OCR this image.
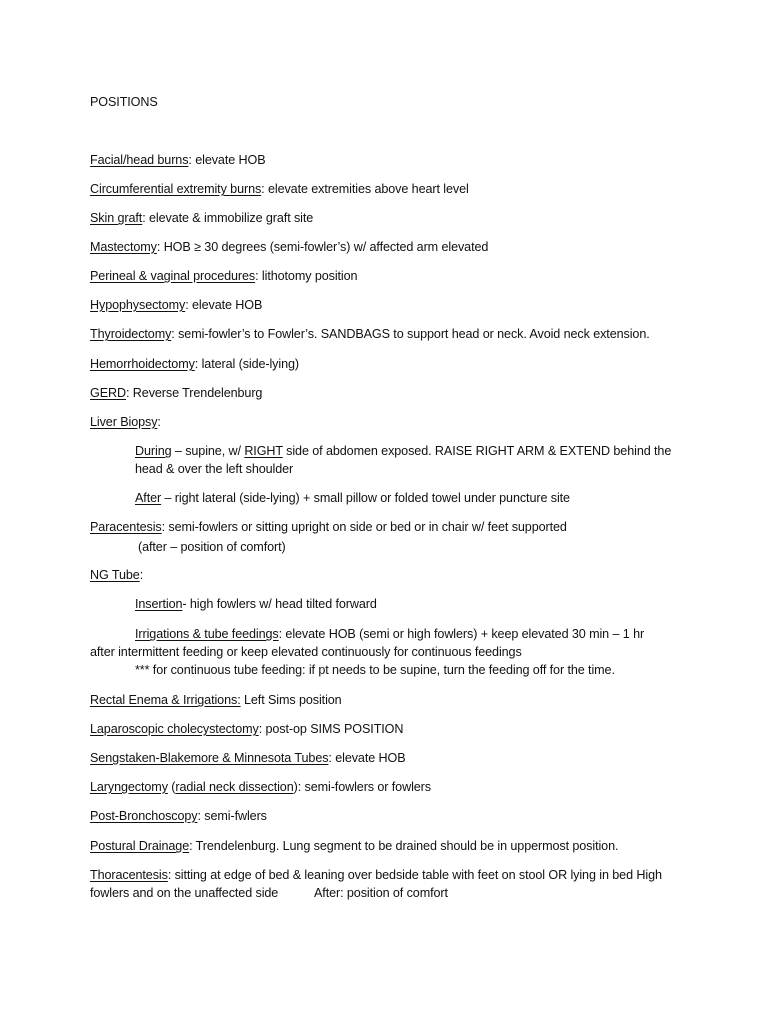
POSITIONS
Facial/head burns: elevate HOB
Circumferential extremity burns: elevate extremities above heart level
Skin graft: elevate & immobilize graft site
Mastectomy: HOB ≥ 30 degrees (semi-fowler’s) w/ affected arm elevated
Perineal & vaginal procedures: lithotomy position
Hypophysectomy: elevate HOB
Thyroidectomy: semi-fowler’s to Fowler’s. SANDBAGS to support head or neck. Avoid neck extension.
Hemorrhoidectomy: lateral (side-lying)
GERD: Reverse Trendelenburg
Liver Biopsy:
During – supine, w/ RIGHT side of abdomen exposed. RAISE RIGHT ARM & EXTEND behind the
head & over the left shoulder
After – right lateral (side-lying) + small pillow or folded towel under puncture site
Paracentesis: semi-fowlers or sitting upright on side or bed or in chair w/ feet supported
(after – position of comfort)
NG Tube:
Insertion- high fowlers w/ head tilted forward
Irrigations & tube feedings: elevate HOB (semi or high fowlers) + keep elevated 30 min – 1 hr
after intermittent feeding or keep elevated continuously for continuous feedings
*** for continuous tube feeding: if pt needs to be supine, turn the feeding off for the time.
Rectal Enema & Irrigations: Left Sims position
Laparoscopic cholecystectomy: post-op SIMS POSITION
Sengstaken-Blakemore & Minnesota Tubes: elevate HOB
Laryngectomy (radial neck dissection): semi-fowlers or fowlers
Post-Bronchoscopy: semi-fwlers
Postural Drainage: Trendelenburg. Lung segment to be drained should be in uppermost position.
Thoracentesis: sitting at edge of bed & leaning over bedside table with feet on stool OR lying in bed High
fowlers and on the unaffected side	After: position of comfort
